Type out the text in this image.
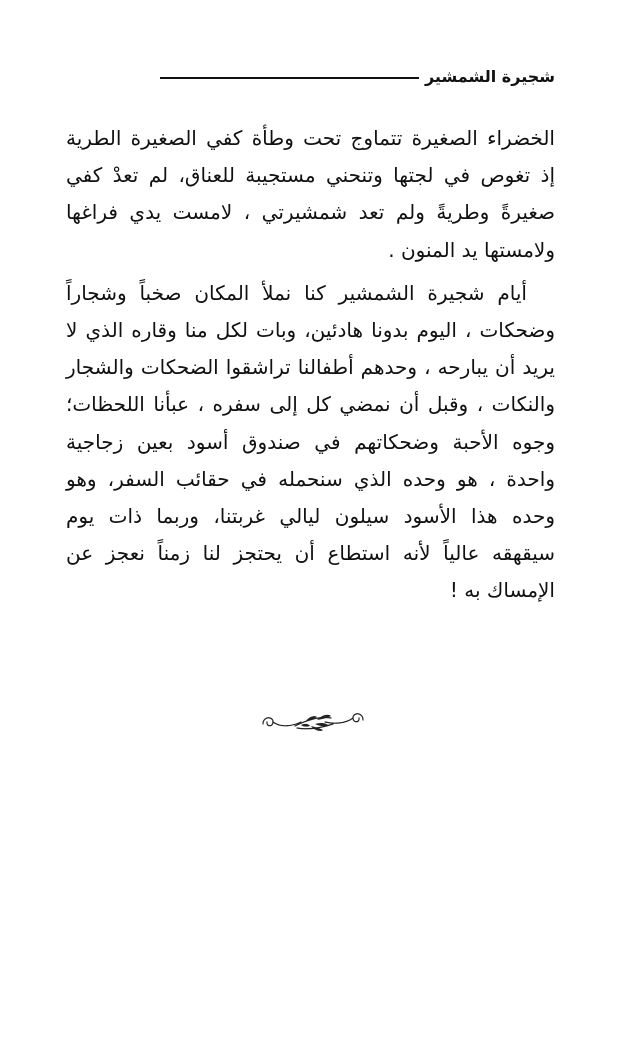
شجيرة الشمشير

الخضراء الصغيرة تتماوج تحت وطأة كفي الصغيرة الطرية إذ تغوص في لجتها وتنحني مستجيبة للعناق، لم تعدْ كفي صغيرةً وطريةً ولم تعد شمشيرتي ، لامست يدي فراغها ولامستها يد المنون .

أيام شجيرة الشمشير كنا نملأ المكان صخباً وشجاراً وضحكات ، اليوم بدونا هادئين، وبات لكل منا وقاره الذي لا يريد أن يبارحه ، وحدهم أطفالنا تراشقوا الضحكات والشجار والنكات ، وقبل أن نمضي كل إلى سفره ، عبأنا اللحظات؛ وجوه الأحبة وضحكاتهم في صندوق أسود بعين زجاجية واحدة ، هو وحده الذي سنحمله في حقائب السفر، وهو وحده هذا الأسود سيلون ليالي غربتنا، وربما ذات يوم سيقهقه عالياً لأنه استطاع أن يحتجز لنا زمناً نعجز عن الإمساك به !
